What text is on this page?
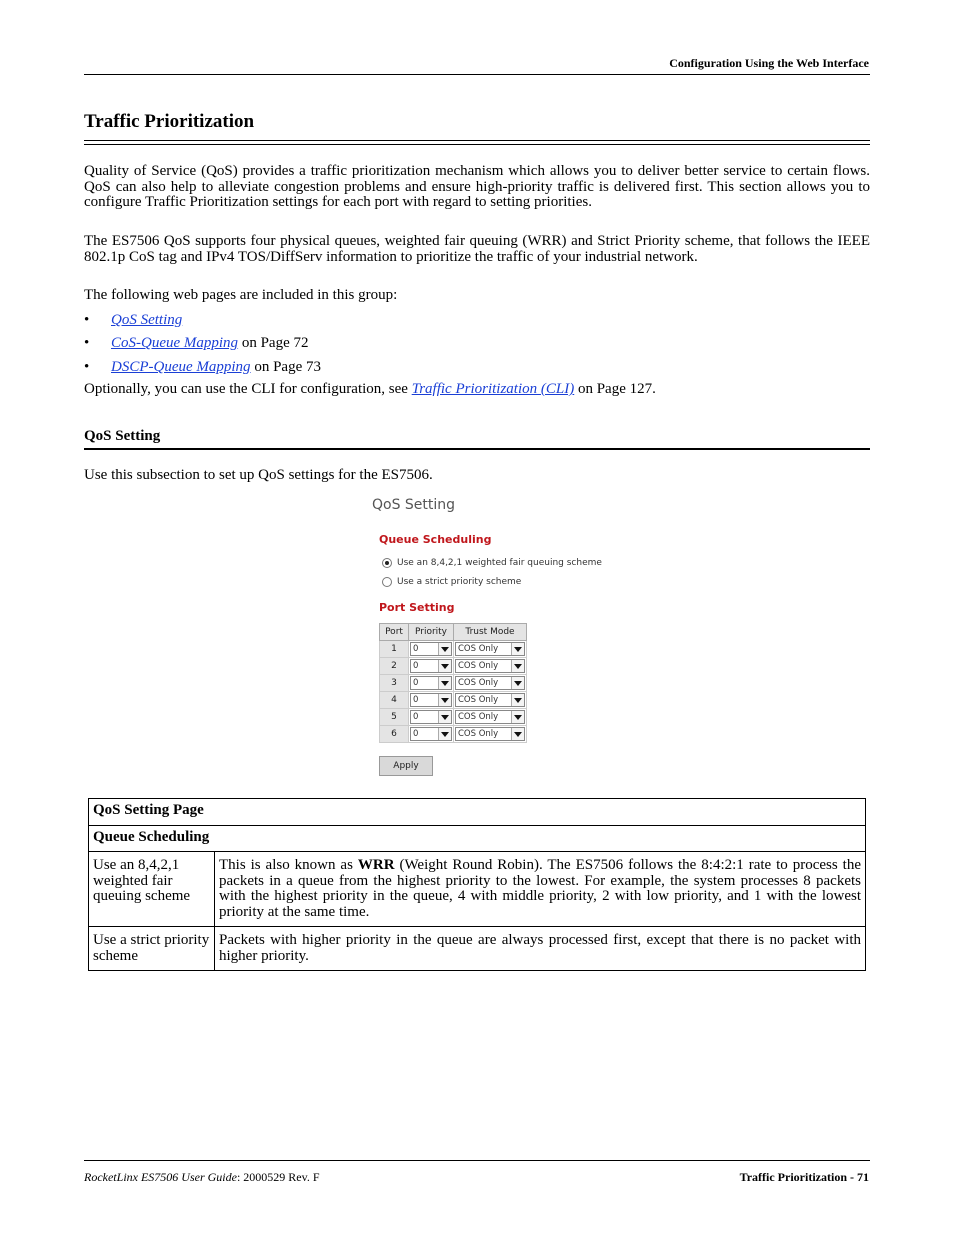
Configuration Using the Web Interface
Traffic Prioritization
Quality of Service (QoS) provides a traffic prioritization mechanism which allows you to deliver better service to certain flows. QoS can also help to alleviate congestion problems and ensure high-priority traffic is delivered first. This section allows you to configure Traffic Prioritization settings for each port with regard to setting priorities.
The ES7506 QoS supports four physical queues, weighted fair queuing (WRR) and Strict Priority scheme, that follows the IEEE 802.1p CoS tag and IPv4 TOS/DiffServ information to prioritize the traffic of your industrial network.
The following web pages are included in this group:
• QoS Setting
• CoS-Queue Mapping on Page 72
• DSCP-Queue Mapping on Page 73
Optionally, you can use the CLI for configuration, see Traffic Prioritization (CLI) on Page 127.
QoS Setting
Use this subsection to set up QoS settings for the ES7506.
QoS Setting
Queue Scheduling
Use an 8,4,2,1 weighted fair queuing scheme
Use a strict priority scheme
Port Setting
Port	Priority	Trust Mode
1	0	COS Only

2	0	COS Only

3	0	COS Only

4	0	COS Only

5	0	COS Only

6	0	COS Only
Apply
QoS Setting Page	
Queue Scheduling	
Use an 8,4,2,1 weighted fair queuing scheme	This is also known as WRR (Weight Round Robin). The ES7506 follows the 8:4:2:1 rate to process the packets in a queue from the highest priority to the lowest. For example, the system processes 8 packets with the highest priority in the queue, 4 with middle priority, 2 with low priority, and 1 with the lowest priority at the same time.
Use a strict priority scheme	Packets with higher priority in the queue are always processed first, except that there is no packet with higher priority.
RocketLinx ES7506 User Guide: 2000529 Rev. F	Traffic Prioritization - 71
